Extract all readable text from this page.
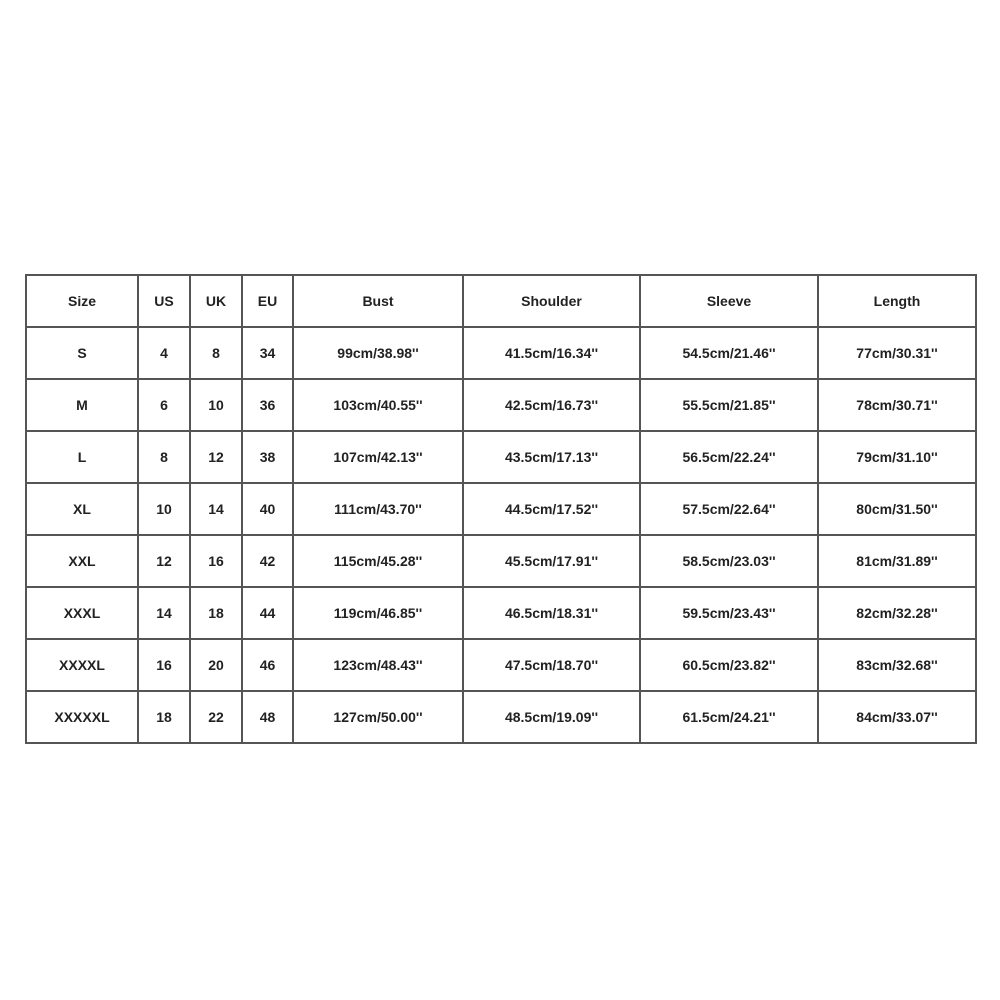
Size	US	UK	EU	Bust	Shoulder	Sleeve	Length
S	4	8	34	99cm/38.98''	41.5cm/16.34''	54.5cm/21.46''	77cm/30.31''
M	6	10	36	103cm/40.55''	42.5cm/16.73''	55.5cm/21.85''	78cm/30.71''
L	8	12	38	107cm/42.13''	43.5cm/17.13''	56.5cm/22.24''	79cm/31.10''
XL	10	14	40	111cm/43.70''	44.5cm/17.52''	57.5cm/22.64''	80cm/31.50''
XXL	12	16	42	115cm/45.28''	45.5cm/17.91''	58.5cm/23.03''	81cm/31.89''
XXXL	14	18	44	119cm/46.85''	46.5cm/18.31''	59.5cm/23.43''	82cm/32.28''
XXXXL	16	20	46	123cm/48.43''	47.5cm/18.70''	60.5cm/23.82''	83cm/32.68''
XXXXXL	18	22	48	127cm/50.00''	48.5cm/19.09''	61.5cm/24.21''	84cm/33.07''
